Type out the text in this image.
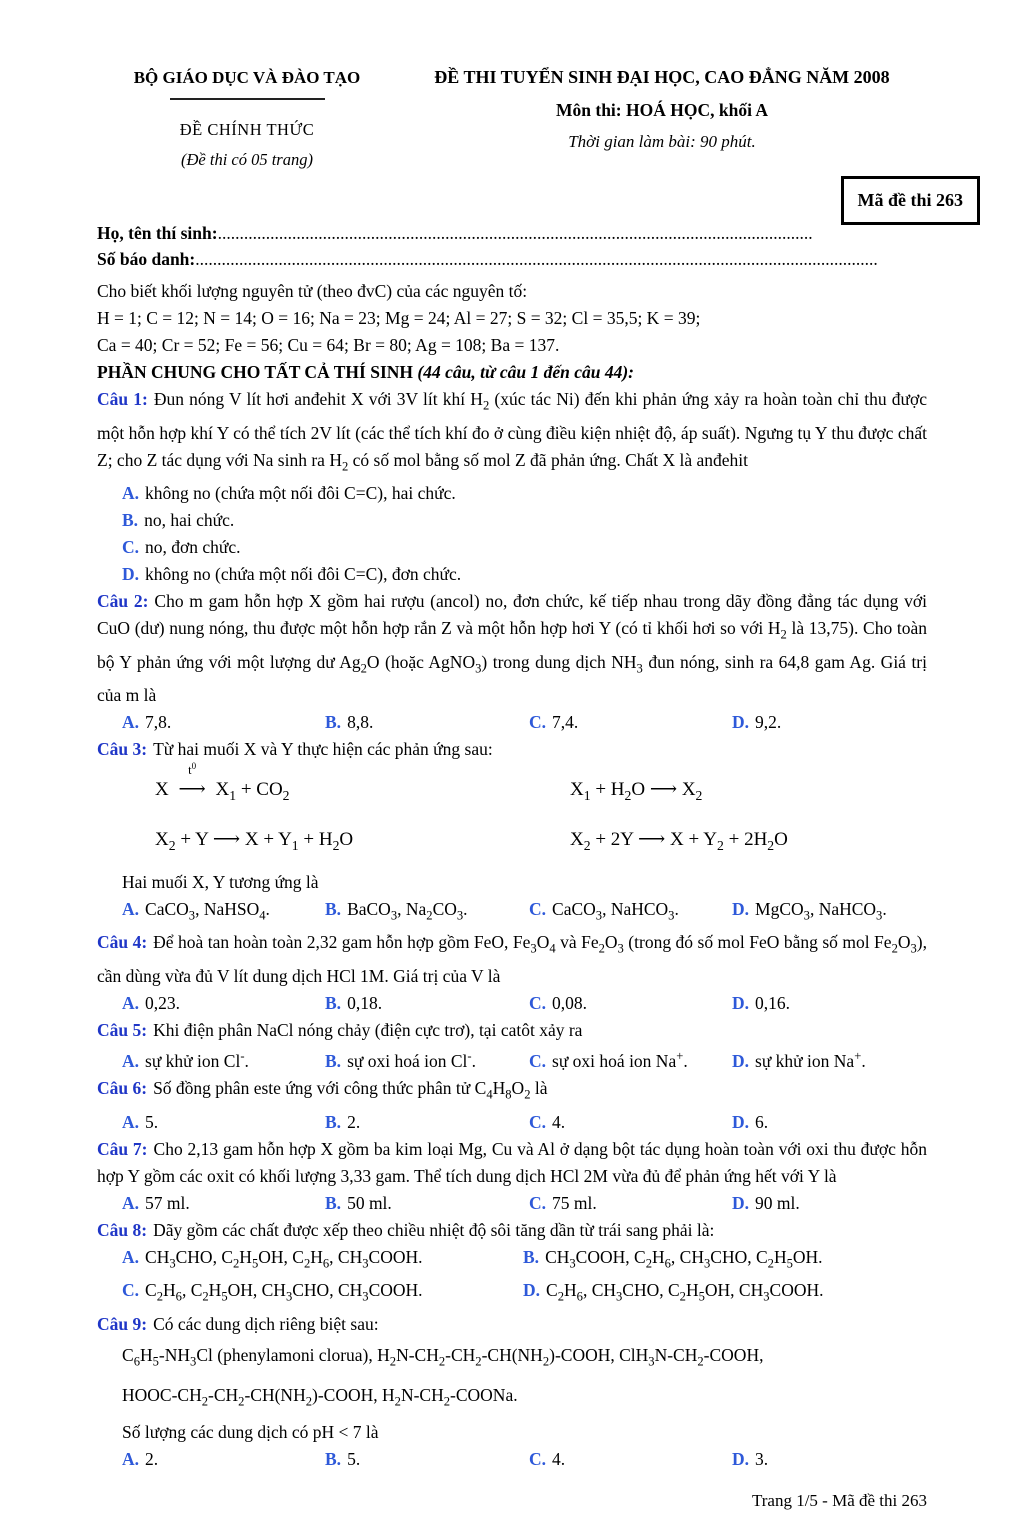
BỘ GIÁO DỤC VÀ ĐÀO TẠO
ĐỀ CHÍNH THỨC
(Đề thi có 05 trang)
ĐỀ THI TUYỂN SINH ĐẠI HỌC, CAO ĐẲNG NĂM 2008
Môn thi: HOÁ HỌC, khối A
Thời gian làm bài: 90 phút.
Mã đề thi 263
Họ, tên thí sinh:........................................................................................................................................
Số báo danh:............................................................................................................................................................
Cho biết khối lượng nguyên tử (theo đvC) của các nguyên tố:
H = 1; C = 12; N = 14; O = 16; Na = 23; Mg = 24; Al = 27; S = 32; Cl = 35,5; K = 39;
Ca = 40; Cr = 52; Fe = 56; Cu = 64; Br = 80; Ag = 108; Ba = 137.
PHẦN CHUNG CHO TẤT CẢ THÍ SINH (44 câu, từ câu 1 đến câu 44):

Câu 1: Đun nóng V lít hơi anđehit X với 3V lít khí $H_2$ (xúc tác Ni) đến khi phản ứng xảy ra hoàn toàn chỉ thu được một hỗn hợp khí Y có thể tích 2V lít (các thể tích khí đo ở cùng điều kiện nhiệt độ, áp suất). Ngưng tụ Y thu được chất Z; cho Z tác dụng với Na sinh ra $H_2$ có số mol bằng số mol Z đã phản ứng. Chất X là anđehit

A. không no (chứa một nối đôi C=C), hai chức.
B. no, hai chức.
C. no, đơn chức.
D. không no (chứa một nối đôi C=C), đơn chức.

Câu 2: Cho m gam hỗn hợp X gồm hai rượu (ancol) no, đơn chức, kế tiếp nhau trong dãy đồng đẳng tác dụng với CuO (dư) nung nóng, thu được một hỗn hợp rắn Z và một hỗn hợp hơi Y (có tỉ khối hơi so với $H_2$ là 13,75). Cho toàn bộ Y phản ứng với một lượng dư $Ag_2O$ (hoặc AgNO$_3$) trong dung dịch $NH_3$ đun nóng, sinh ra 64,8 gam Ag. Giá trị của m là

A. 7,8.	B. 8,8.	C. 7,4.	D. 9,2.

Câu 3: Từ hai muối X và Y thực hiện các phản ứng sau:

X
$t^0$
⟶ $X_1 + CO_2$	$X_1 + H_2O$ ⟶ $X_2$
$X_2 + Y$ ⟶ $X + Y_1 + H_2O$	$X_2 + 2Y$ ⟶ $X + Y_2 + 2H_2O$
Hai muối X, Y tương ứng là
A. CaCO$_3$, NaHSO$_4$.	B. BaCO$_3$, $Na_2CO_3$.	C. CaCO$_3$, NaHCO$_3$.	D. MgCO$_3$, NaHCO$_3$.

Câu 4: Để hoà tan hoàn toàn 2,32 gam hỗn hợp gồm FeO, $Fe_3O_4$ và $Fe_2O_3$ (trong đó số mol FeO bằng số mol $Fe_2O_3$), cần dùng vừa đủ V lít dung dịch HCl 1M. Giá trị của V là

A. 0,23.	B. 0,18.	C. 0,08.	D. 0,16.

Câu 5: Khi điện phân NaCl nóng chảy (điện cực trơ), tại catôt xảy ra

A. sự khử ion Cl-.	B. sự oxi hoá ion Cl-.	C. sự oxi hoá ion Na+.	D. sự khử ion Na+.

Câu 6: Số đồng phân este ứng với công thức phân tử $C_4H_8O_2$ là

A. 5.	B. 2.	C. 4.	D. 6.

Câu 7: Cho 2,13 gam hỗn hợp X gồm ba kim loại Mg, Cu và Al ở dạng bột tác dụng hoàn toàn với oxi thu được hỗn hợp Y gồm các oxit có khối lượng 3,33 gam. Thể tích dung dịch HCl 2M vừa đủ để phản ứng hết với Y là

A. 57 ml.	B. 50 ml.	C. 75 ml.	D. 90 ml.

Câu 8: Dãy gồm các chất được xếp theo chiều nhiệt độ sôi tăng dần từ trái sang phải là:

A. $CH_3CHO$, $C_2H_5OH$, $C_2H_6$, $CH_3COOH$.	B. $CH_3COOH$, $C_2H_6$, $CH_3CHO$, $C_2H_5OH$.
C. $C_2H_6$, $C_2H_5OH$, $CH_3CHO$, $CH_3COOH$.	D. $C_2H_6$, $CH_3CHO$, $C_2H_5OH$, $CH_3COOH$.

Câu 9: Có các dung dịch riêng biệt sau:

$C_6H_5-NH_3Cl$ (phenylamoni clorua), $H_2N-CH_2-CH_2-CH(NH_2)$-COOH, $ClH_3N-CH_2$-COOH,
HOOC-$CH_2-CH_2-CH(NH_2)$-COOH, $H_2N-CH_2$-COONa.
Số lượng các dung dịch có pH < 7 là
A. 2.	B. 5.	C. 4.	D. 3.
Trang 1/5 - Mã đề thi 263
